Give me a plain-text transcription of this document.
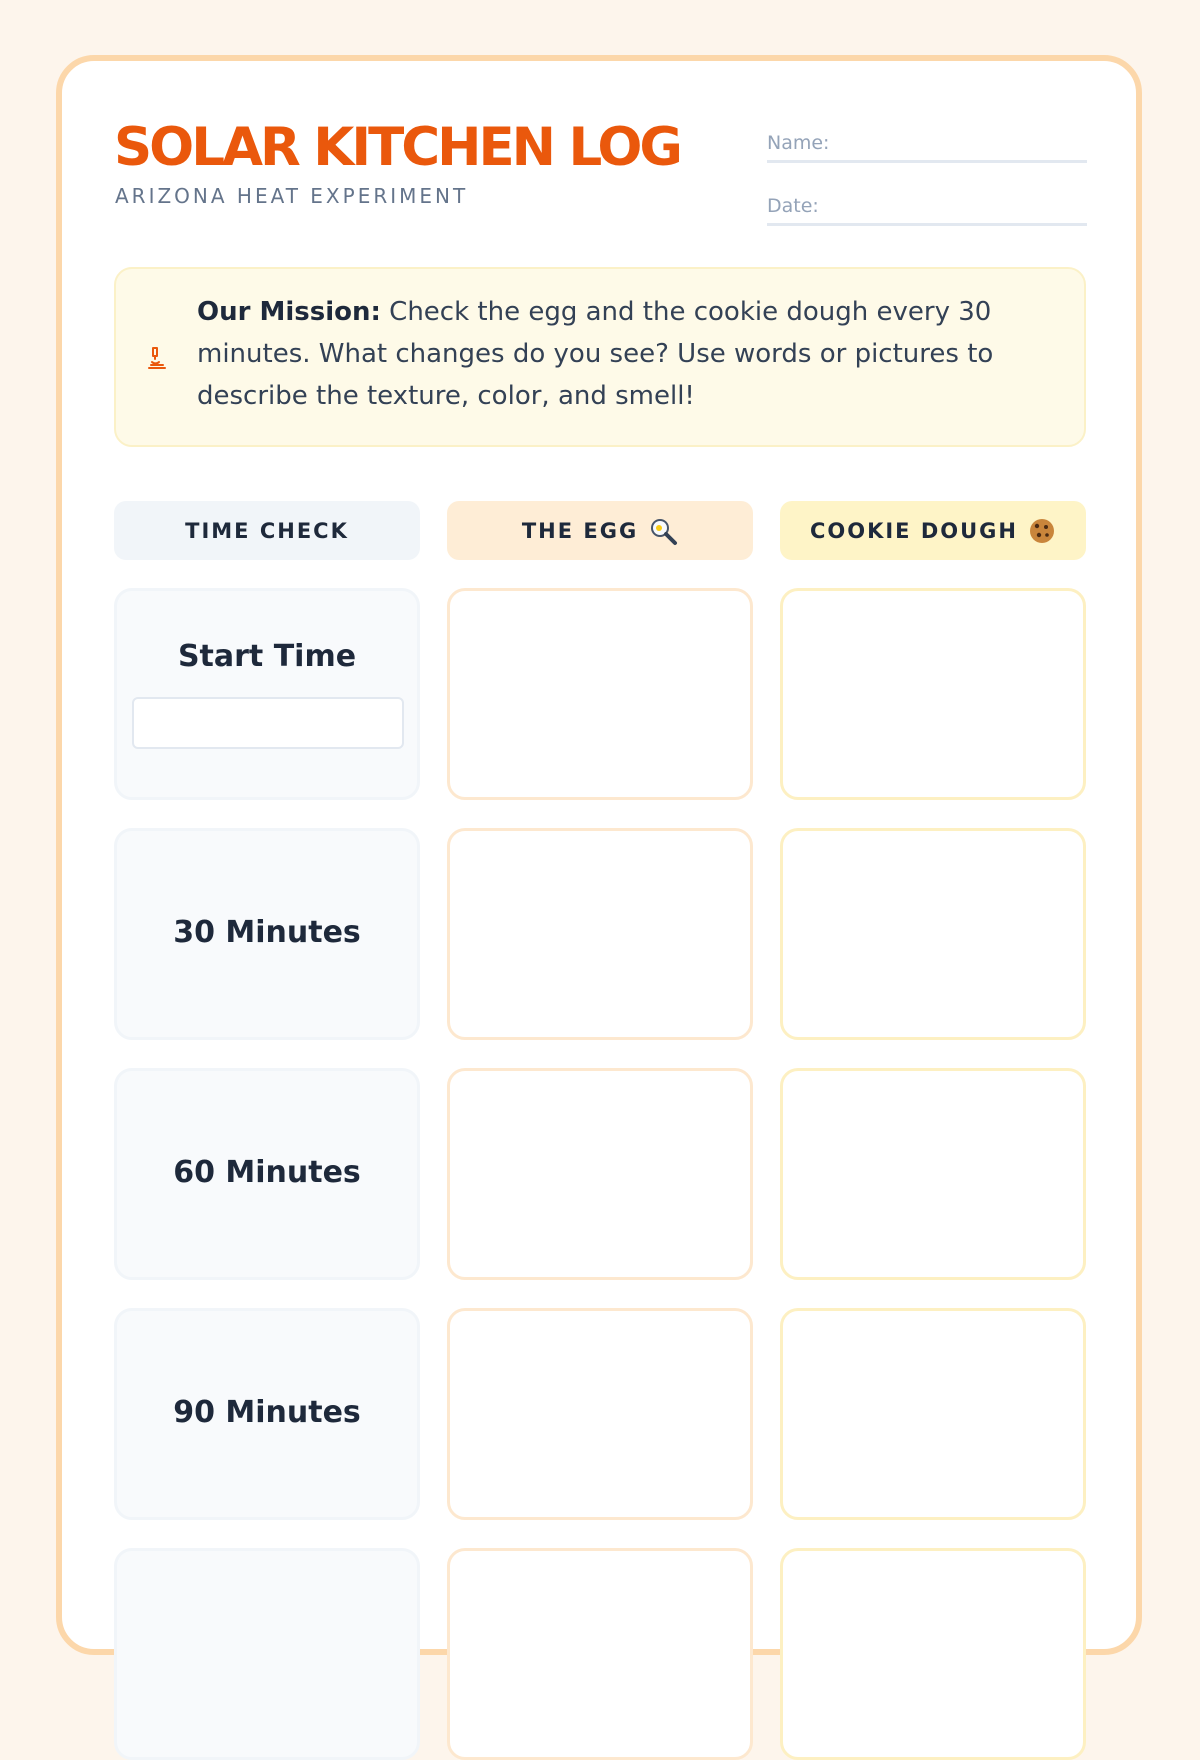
SOLAR KITCHEN LOG
ARIZONA HEAT EXPERIMENT
Name:
Date:
Our Mission: Check the egg and the cookie dough every 30 minutes. What changes do you see? Use words or pictures to describe the texture, color, and smell!
TIME CHECK	THE EGG	COOKIE DOUGH
Start Time
30 Minutes
60 Minutes
90 Minutes
